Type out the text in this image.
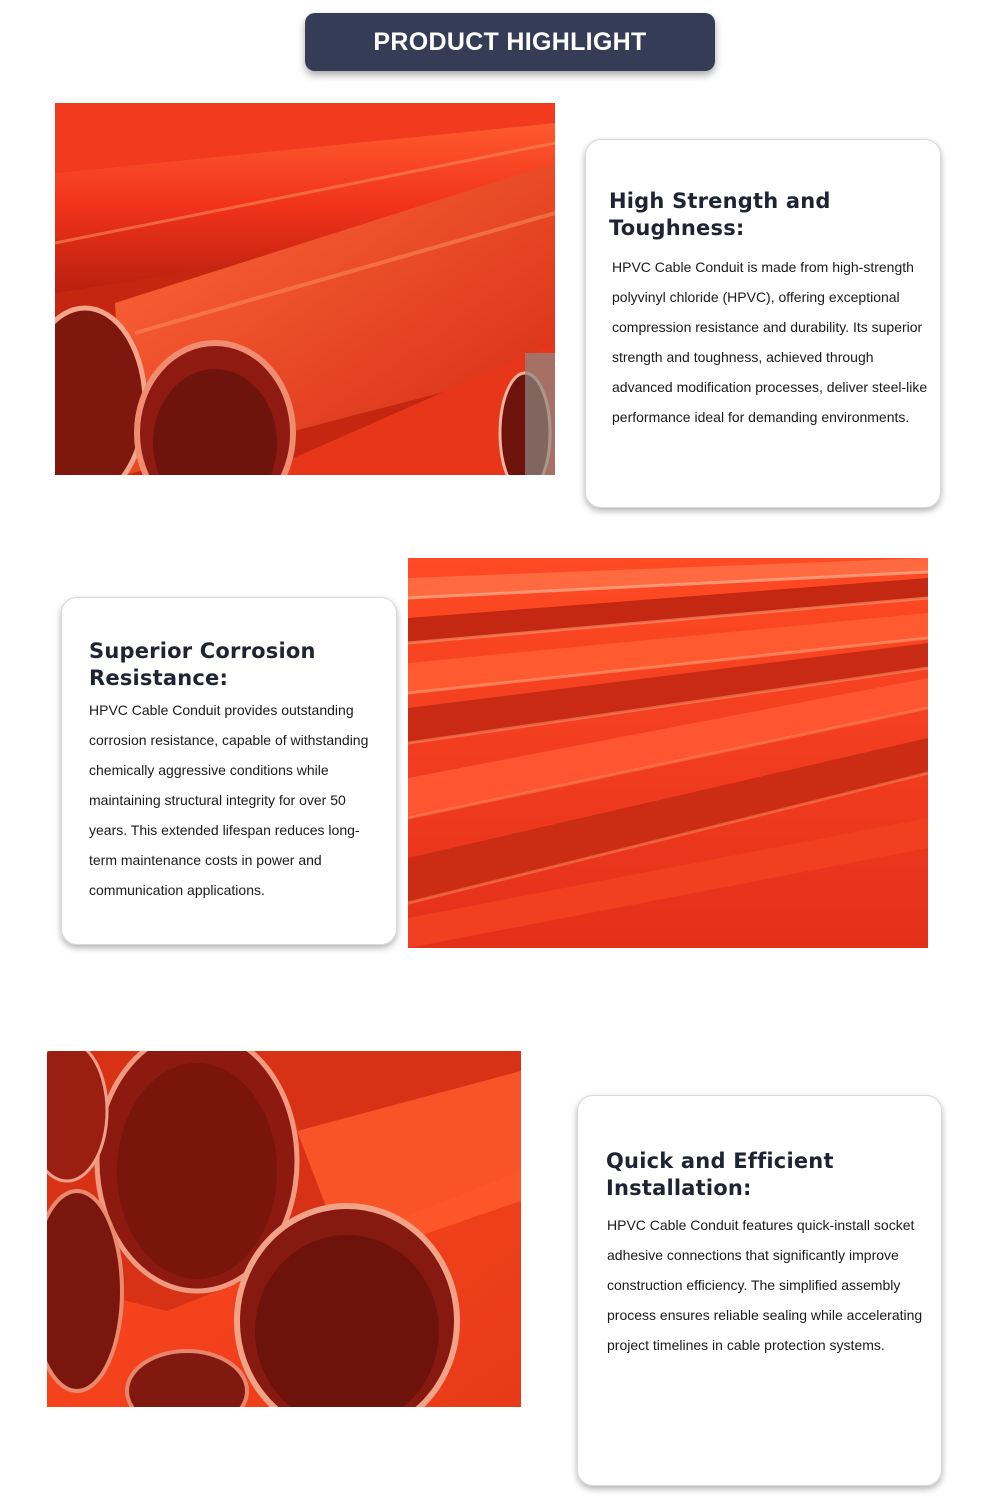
PRODUCT HIGHLIGHT
High Strength and Toughness:

HPVC Cable Conduit is made from high-strength polyvinyl chloride (HPVC), offering exceptional compression resistance and durability. Its superior strength and toughness, achieved through advanced modification processes, deliver steel-like performance ideal for demanding environments.

Superior Corrosion Resistance:

HPVC Cable Conduit provides outstanding corrosion resistance, capable of withstanding chemically aggressive conditions while maintaining structural integrity for over 50 years. This extended lifespan reduces long-term maintenance costs in power and communication applications.

Quick and Efficient Installation:

HPVC Cable Conduit features quick-install socket adhesive connections that significantly improve construction efficiency. The simplified assembly process ensures reliable sealing while accelerating project timelines in cable protection systems.
